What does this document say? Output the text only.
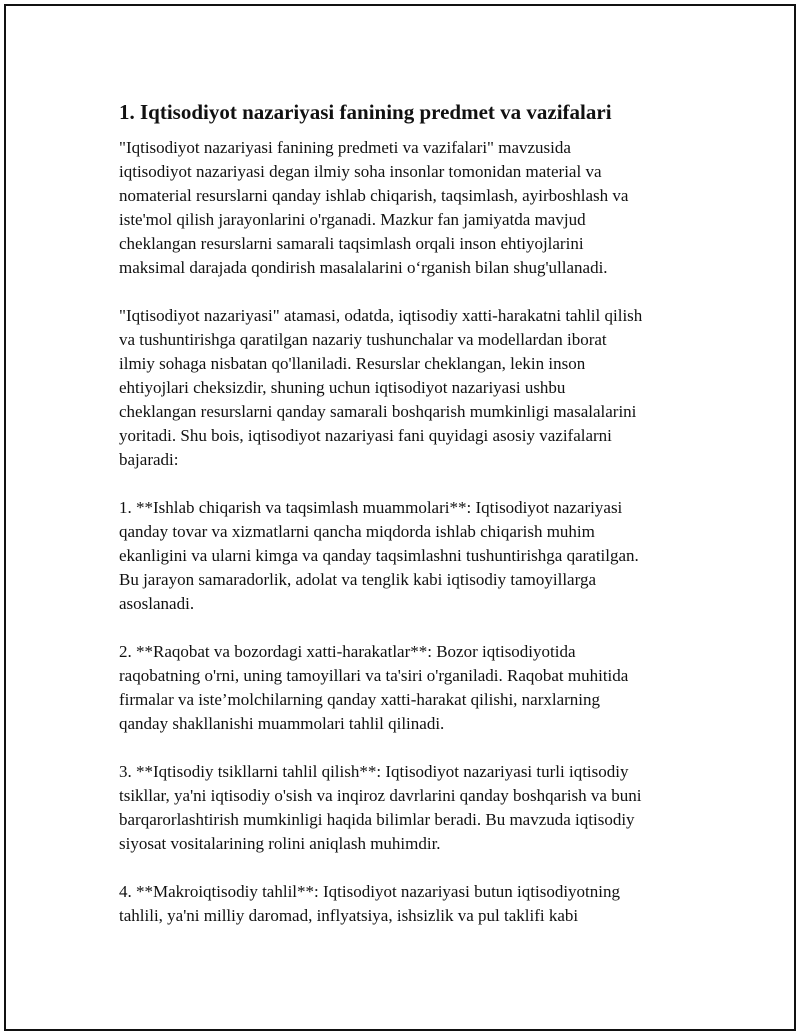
1. Iqtisodiyot nazariyasi fanining predmet va vazifalari

"Iqtisodiyot nazariyasi fanining predmeti va vazifalari" mavzusida
iqtisodiyot nazariyasi degan ilmiy soha insonlar tomonidan material va
nomaterial resurslarni qanday ishlab chiqarish, taqsimlash, ayirboshlash va
iste'mol qilish jarayonlarini o'rganadi. Mazkur fan jamiyatda mavjud
cheklangan resurslarni samarali taqsimlash orqali inson ehtiyojlarini
maksimal darajada qondirish masalalarini o‘rganish bilan shug'ullanadi.

"Iqtisodiyot nazariyasi" atamasi, odatda, iqtisodiy xatti-harakatni tahlil qilish
va tushuntirishga qaratilgan nazariy tushunchalar va modellardan iborat
ilmiy sohaga nisbatan qo'llaniladi. Resurslar cheklangan, lekin inson
ehtiyojlari cheksizdir, shuning uchun iqtisodiyot nazariyasi ushbu
cheklangan resurslarni qanday samarali boshqarish mumkinligi masalalarini
yoritadi. Shu bois, iqtisodiyot nazariyasi fani quyidagi asosiy vazifalarni
bajaradi:

1. **Ishlab chiqarish va taqsimlash muammolari**: Iqtisodiyot nazariyasi
qanday tovar va xizmatlarni qancha miqdorda ishlab chiqarish muhim
ekanligini va ularni kimga va qanday taqsimlashni tushuntirishga qaratilgan.
Bu jarayon samaradorlik, adolat va tenglik kabi iqtisodiy tamoyillarga
asoslanadi.

2. **Raqobat va bozordagi xatti-harakatlar**: Bozor iqtisodiyotida
raqobatning o'rni, uning tamoyillari va ta'siri o'rganiladi. Raqobat muhitida
firmalar va iste’molchilarning qanday xatti-harakat qilishi, narxlarning
qanday shakllanishi muammolari tahlil qilinadi.

3. **Iqtisodiy tsikllarni tahlil qilish**: Iqtisodiyot nazariyasi turli iqtisodiy
tsikllar, ya'ni iqtisodiy o'sish va inqiroz davrlarini qanday boshqarish va buni
barqarorlashtirish mumkinligi haqida bilimlar beradi. Bu mavzuda iqtisodiy
siyosat vositalarining rolini aniqlash muhimdir.

4. **Makroiqtisodiy tahlil**: Iqtisodiyot nazariyasi butun iqtisodiyotning
tahlili, ya'ni milliy daromad, inflyatsiya, ishsizlik va pul taklifi kabi
